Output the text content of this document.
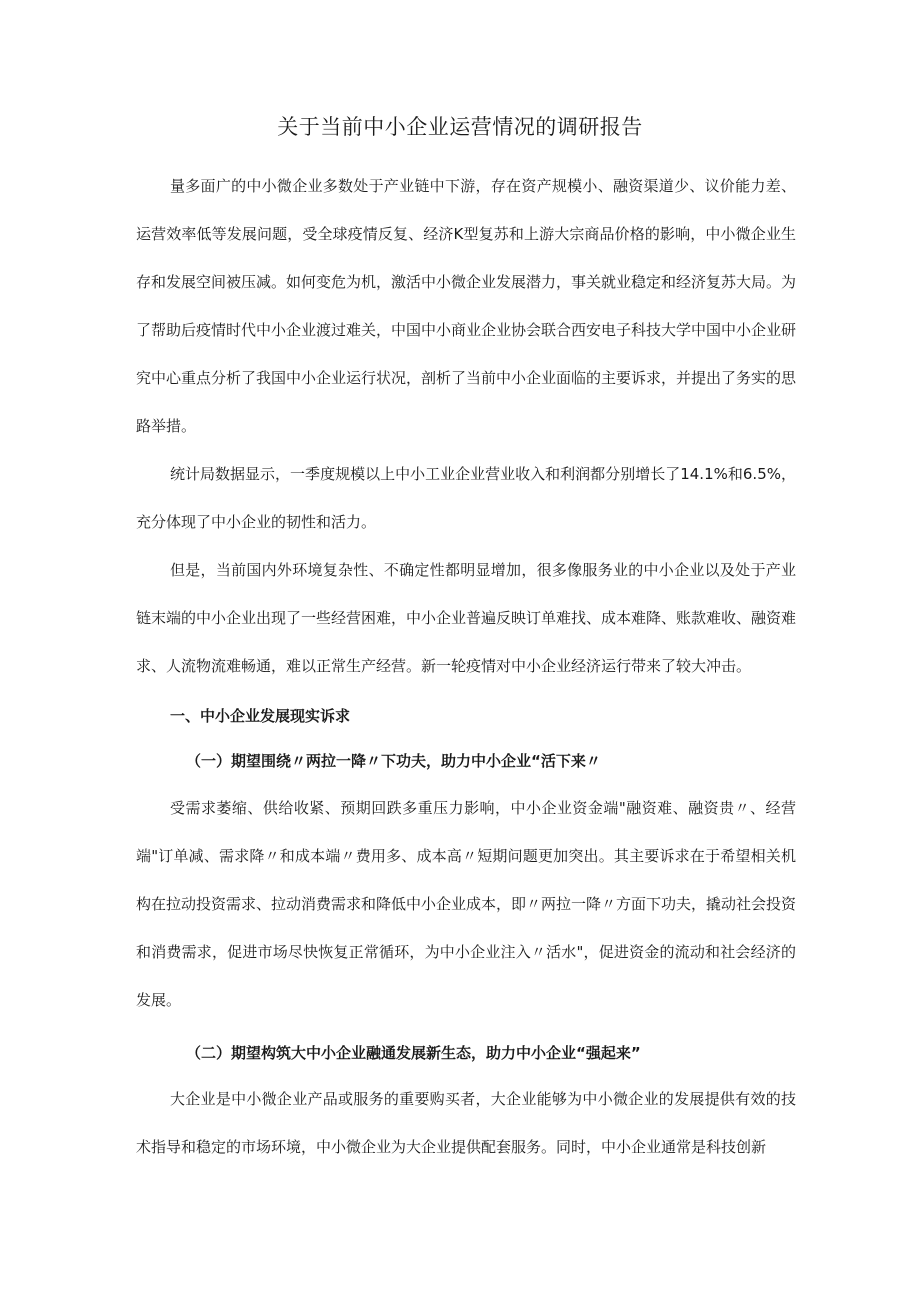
关于当前中小企业运营情况的调研报告

量多面广的中小微企业多数处于产业链中下游，存在资产规模小、融资渠道少、议价能力差、运营效率低等发展问题，受全球疫情反复、经济K型复苏和上游大宗商品价格的影响，中小微企业生存和发展空间被压减。如何变危为机，激活中小微企业发展潜力，事关就业稳定和经济复苏大局。为了帮助后疫情时代中小企业渡过难关，中国中小商业企业协会联合西安电子科技大学中国中小企业研究中心重点分析了我国中小企业运行状况，剖析了当前中小企业面临的主要诉求，并提出了务实的思路举措。

统计局数据显示，一季度规模以上中小工业企业营业收入和利润都分别增长了14.1%和6.5%，充分体现了中小企业的韧性和活力。

但是，当前国内外环境复杂性、不确定性都明显增加，很多像服务业的中小企业以及处于产业链末端的中小企业出现了一些经营困难，中小企业普遍反映订单难找、成本难降、账款难收、融资难求、人流物流难畅通，难以正常生产经营。新一轮疫情对中小企业经济运行带来了较大冲击。

一、中小企业发展现实诉求
（一）期望围绕〃两拉一降〃下功夫，助力中小企业“活下来〃

受需求萎缩、供给收紧、预期回跌多重压力影响，中小企业资金端"融资难、融资贵〃、经营端"订单减、需求降〃和成本端〃费用多、成本高〃短期问题更加突出。其主要诉求在于希望相关机构在拉动投资需求、拉动消费需求和降低中小企业成本，即〃两拉一降〃方面下功夫，撬动社会投资和消费需求，促进市场尽快恢复正常循环，为中小企业注入〃活水"，促进资金的流动和社会经济的发展。

（二）期望构筑大中小企业融通发展新生态，助力中小企业“强起来”

大企业是中小微企业产品或服务的重要购买者，大企业能够为中小微企业的发展提供有效的技术指导和稳定的市场环境，中小微企业为大企业提供配套服务。同时，中小企业通常是科技创新
